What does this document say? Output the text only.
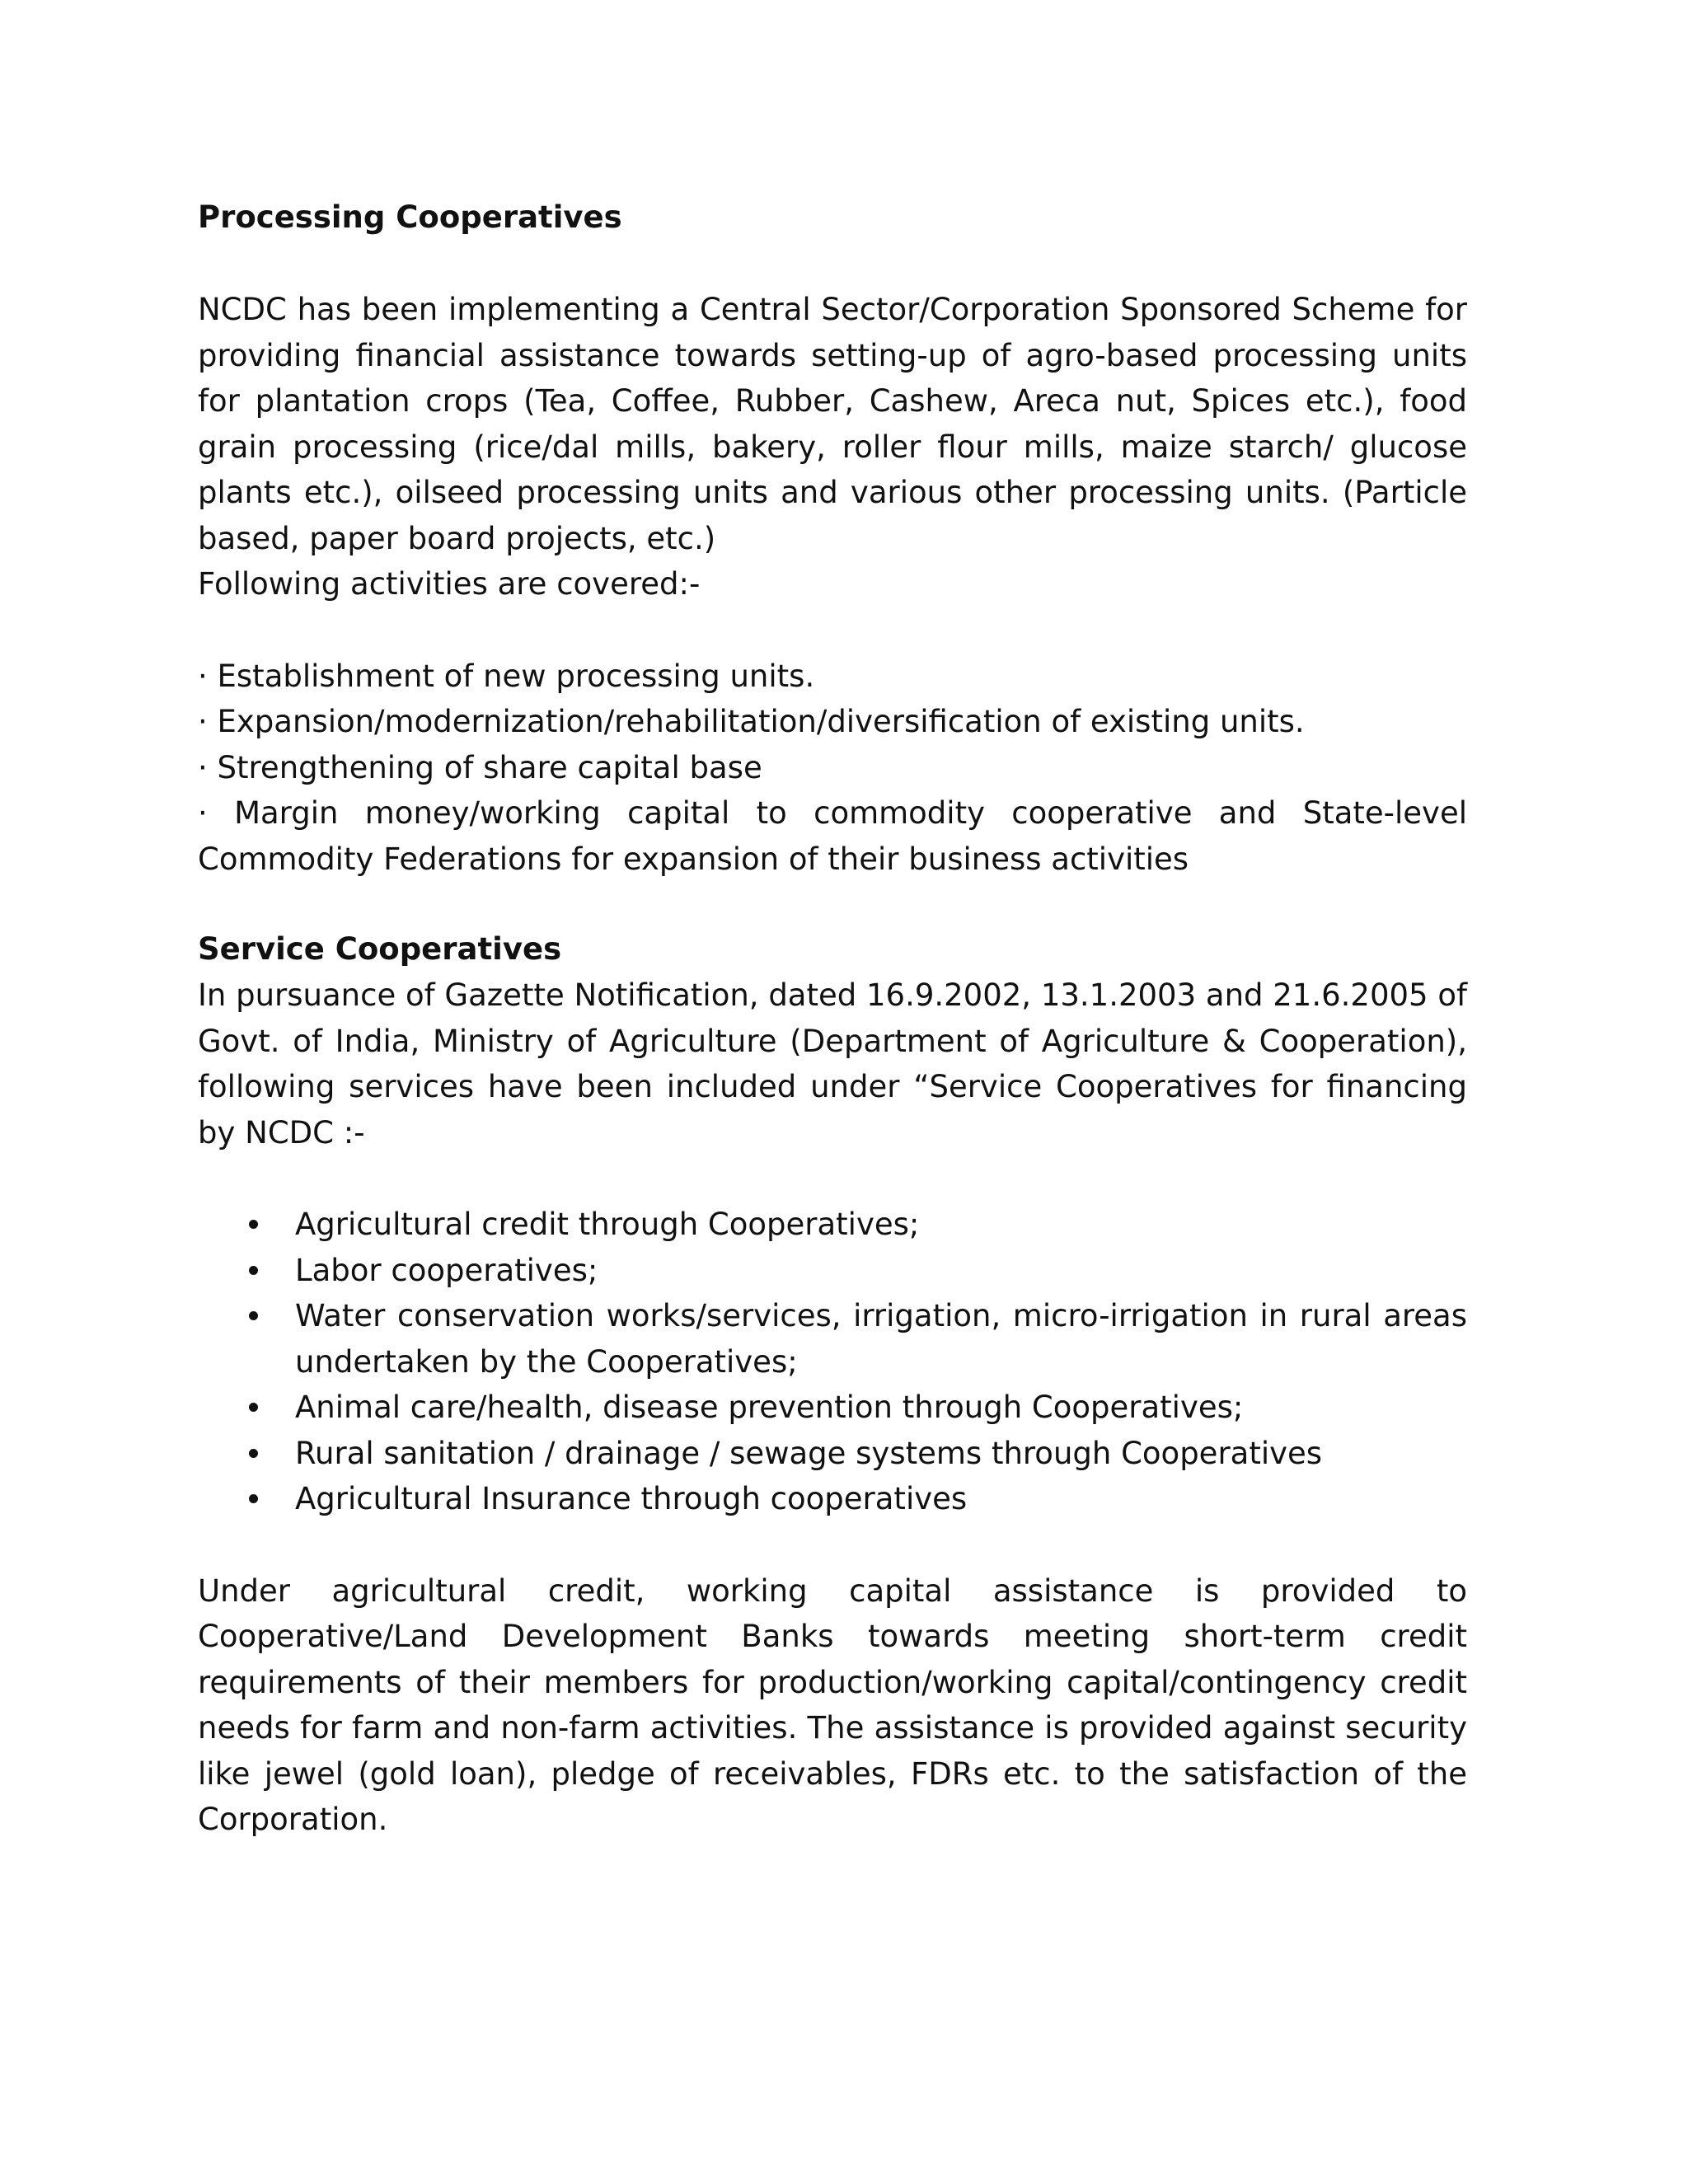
Processing Cooperatives

NCDC has been implementing a Central Sector/Corporation Sponsored Scheme for providing financial assistance towards setting-up of agro-based processing units for plantation crops (Tea, Coffee, Rubber, Cashew, Areca nut, Spices etc.), food grain processing (rice/dal mills, bakery, roller flour mills, maize starch/ glucose plants etc.), oilseed processing units and various other processing units. (Particle based, paper board projects, etc.)

Following activities are covered:-

· Establishment of new processing units.
· Expansion/modernization/rehabilitation/diversification of existing units.
· Strengthening of share capital base
· Margin money/working capital to commodity cooperative and State-level Commodity Federations for expansion of their business activities
Service Cooperatives

In pursuance of Gazette Notification, dated 16.9.2002, 13.1.2003 and 21.6.2005 of Govt. of India, Ministry of Agriculture (Department of Agriculture & Cooperation), following services have been included under “Service Cooperatives for financing by NCDC :-

Agricultural credit through Cooperatives;
Labor cooperatives;
Water conservation works/services, irrigation, micro-irrigation in rural areas undertaken by the Cooperatives;
Animal care/health, disease prevention through Cooperatives;
Rural sanitation / drainage / sewage systems through Cooperatives
Agricultural Insurance through cooperatives

Under agricultural credit, working capital assistance is provided to Cooperative/Land Development Banks towards meeting short-term credit requirements of their members for production/working capital/contingency credit needs for farm and non-farm activities. The assistance is provided against security like jewel (gold loan), pledge of receivables, FDRs etc. to the satisfaction of the Corporation.
